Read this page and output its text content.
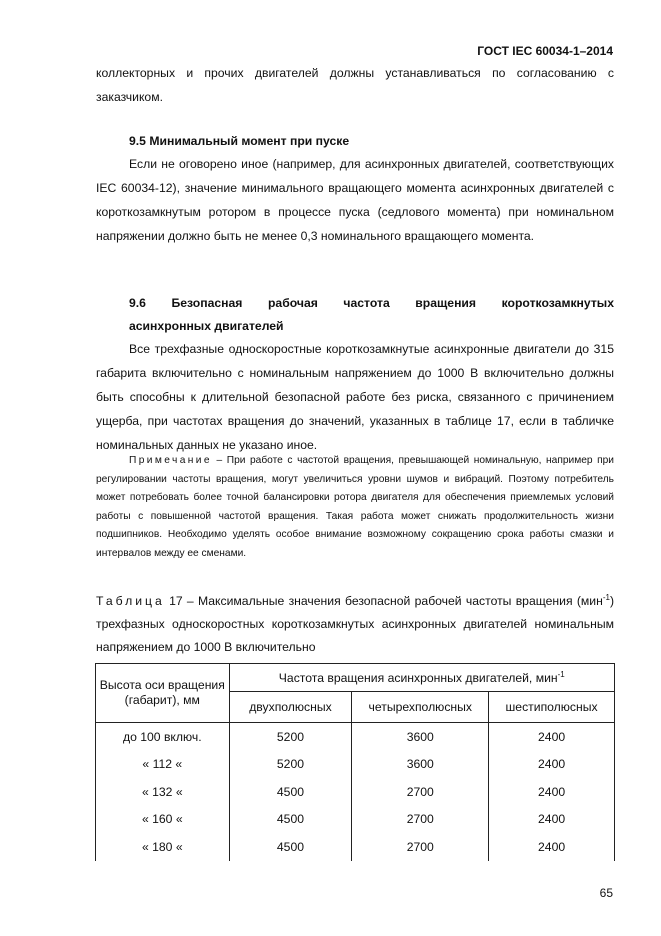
ГОСТ IEC 60034-1–2014
коллекторных и прочих двигателей должны устанавливаться по согласованию с заказчиком.
9.5 Минимальный момент при пуске
Если не оговорено иное (например, для асинхронных двигателей, соответствующих IEC 60034-12), значение минимального вращающего момента асинхронных двигателей с короткозамкнутым ротором в процессе пуска (седлового момента) при номинальном напряжении должно быть не менее 0,3 номинального вращающего момента.
9.6    Безопасная    рабочая    частота    вращения    короткозамкнутых
асинхронных двигателей
Все трехфазные односкоростные короткозамкнутые асинхронные двигатели до 315 габарита включительно с номинальным напряжением до 1000 В включительно должны быть способны к длительной безопасной работе без риска, связанного с причинением ущерба, при частотах вращения до значений, указанных в таблице 17, если в табличке номинальных данных не указано иное.
Примечание – При работе с частотой вращения, превышающей номинальную, например при регулировании частоты вращения, могут увеличиться уровни шумов и вибраций. Поэтому потребитель может потребовать более точной балансировки ротора двигателя для обеспечения приемлемых условий работы с повышенной частотой вращения. Такая работа может снижать продолжительность жизни подшипников. Необходимо уделять особое внимание возможному сокращению срока работы смазки и интервалов между ее сменами.
Таблица 17 – Максимальные значения безопасной рабочей частоты вращения (мин$^{-1}$) трехфазных односкоростных короткозамкнутых асинхронных двигателей номинальным напряжением до 1000 В включительно
Высота оси вращения (габарит), мм	Частота вращения асинхронных двигателей, мин$^{-1}$
	двухполюсных	четырехполюсных	шестиполюсных
до 100 включ.	5200	3600	2400
« 112 «	5200	3600	2400
« 132 «	4500	2700	2400
« 160 «	4500	2700	2400
« 180 «	4500	2700	2400
65
